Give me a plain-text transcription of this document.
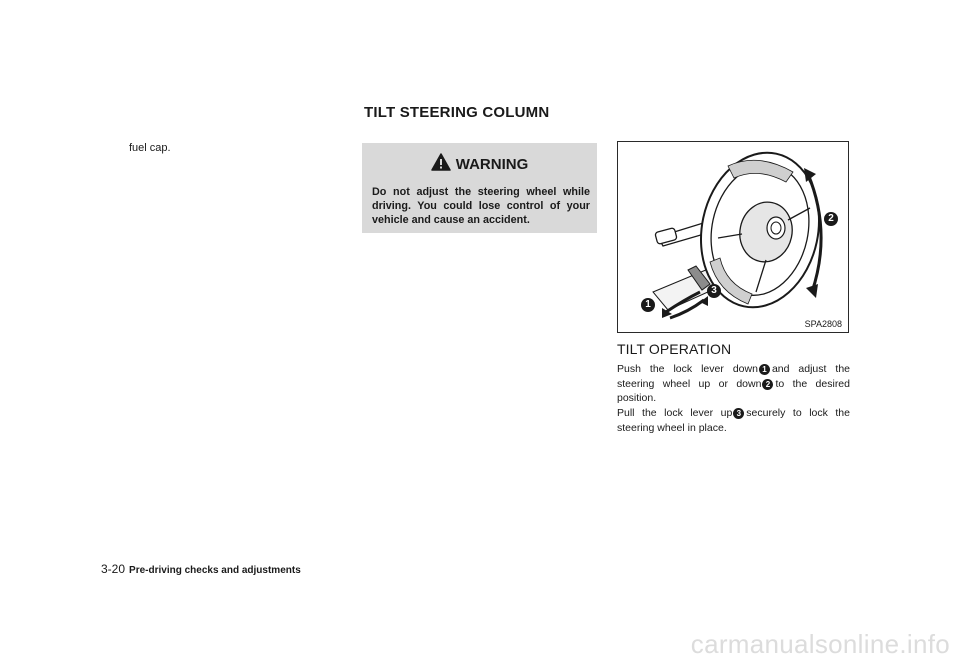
TILT STEERING COLUMN
fuel cap.
WARNING
Do not adjust the steering wheel while driving. You could lose control of your vehicle and cause an accident.
1
2
3
SPA2808
TILT OPERATION
Push the lock lever down 1 and adjust the steering wheel up or down 2 to the desired position.
Pull the lock lever up 3 securely to lock the steering wheel in place.
3-20 Pre-driving checks and adjustments
carmanualsonline.info
